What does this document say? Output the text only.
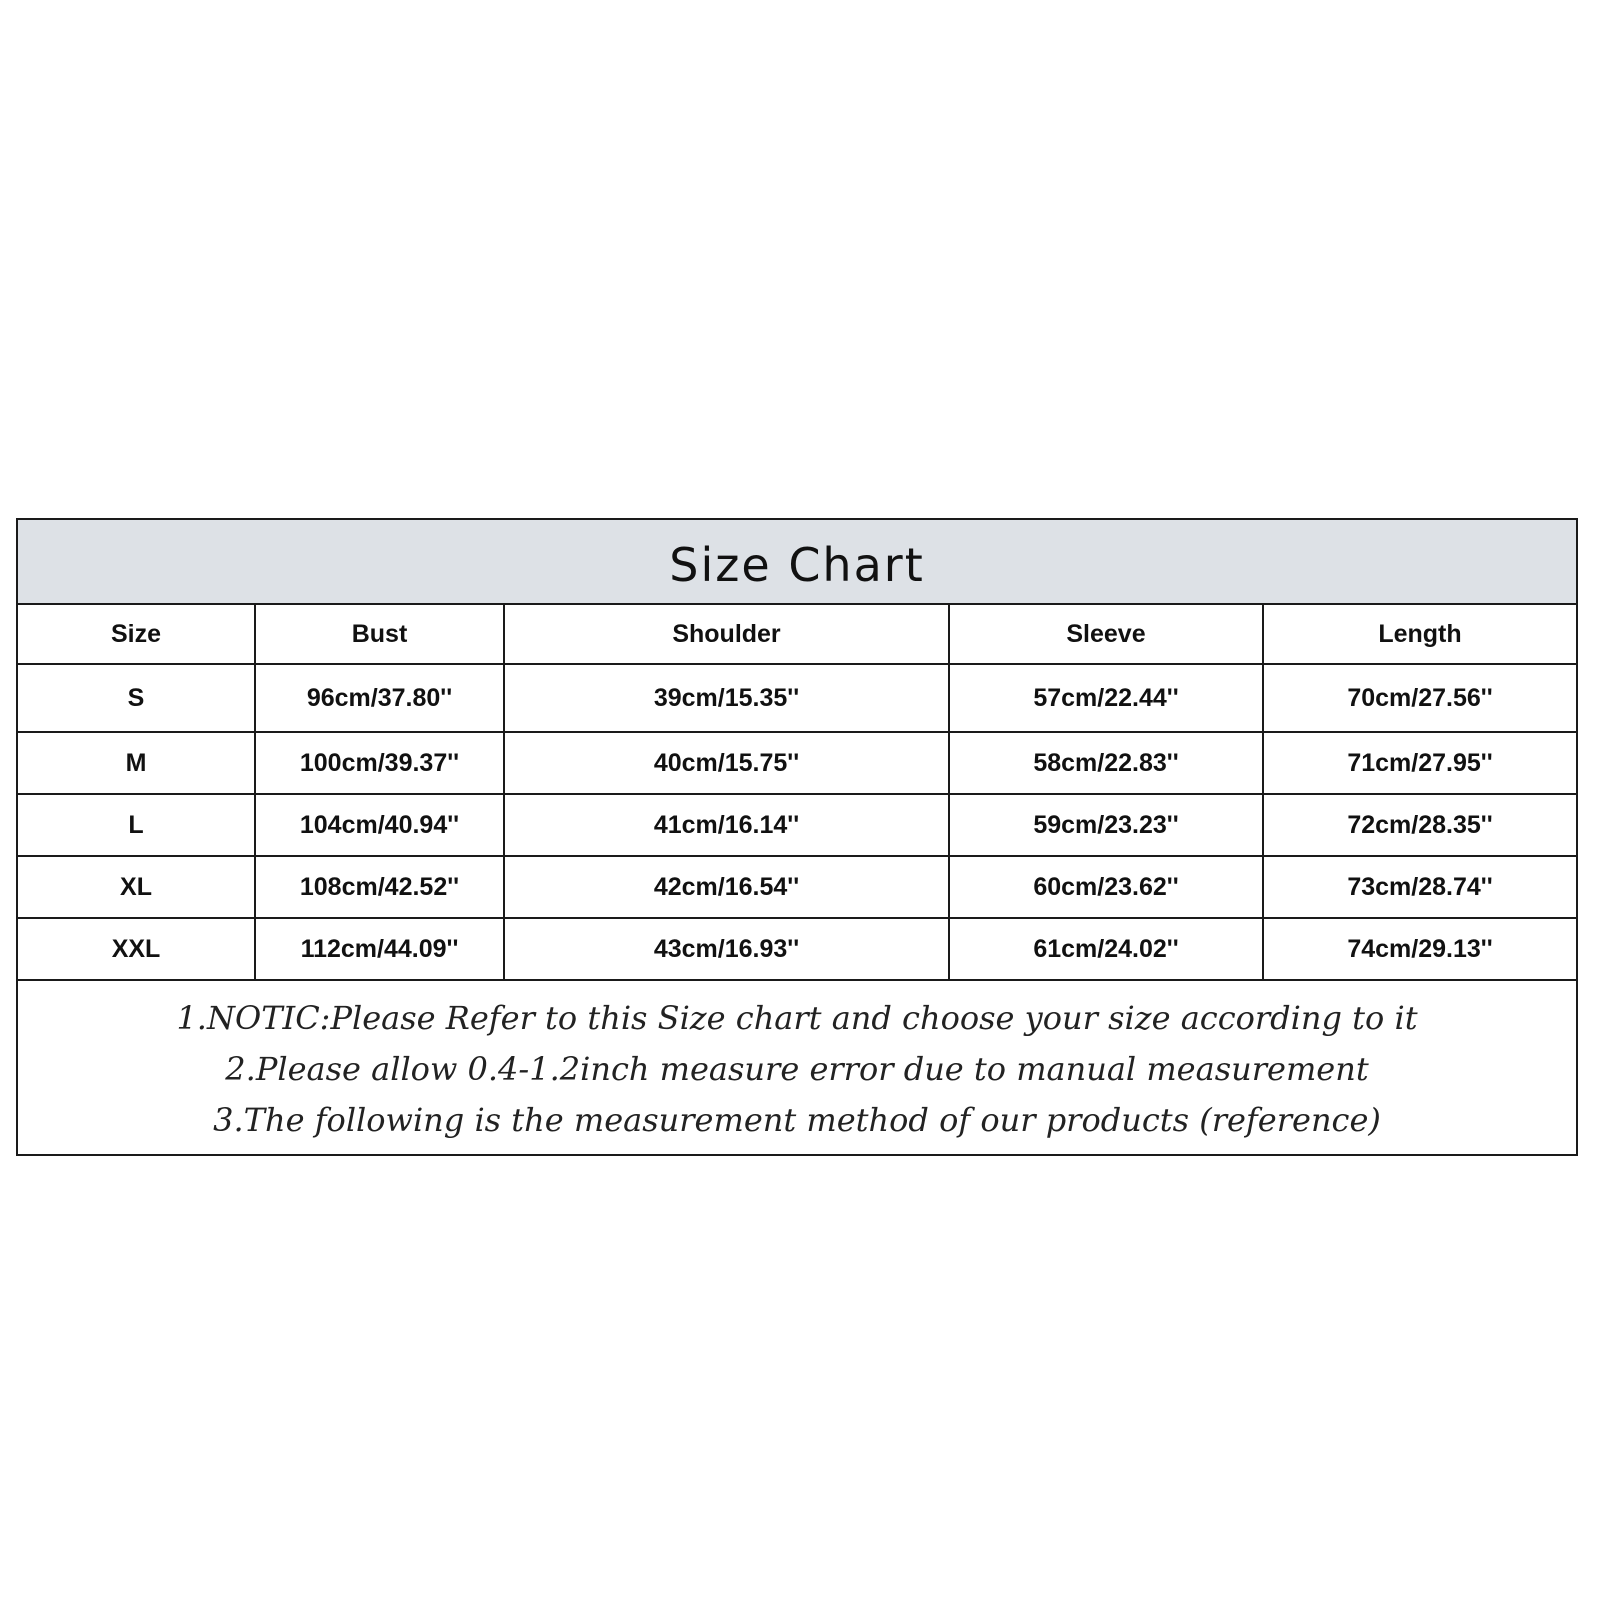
Size Chart
Size	Bust	Shoulder	Sleeve	Length
S	96cm/37.80''	39cm/15.35''	57cm/22.44''	70cm/27.56''
M	100cm/39.37''	40cm/15.75''	58cm/22.83''	71cm/27.95''
L	104cm/40.94''	41cm/16.14''	59cm/23.23''	72cm/28.35''
XL	108cm/42.52''	42cm/16.54''	60cm/23.62''	73cm/28.74''
XXL	112cm/44.09''	43cm/16.93''	61cm/24.02''	74cm/29.13''

1.NOTIC:Please Refer to this Size chart and choose your size according to it

2.Please allow 0.4-1.2inch measure error due to manual measurement

3.The following is the measurement method of our products (reference)
